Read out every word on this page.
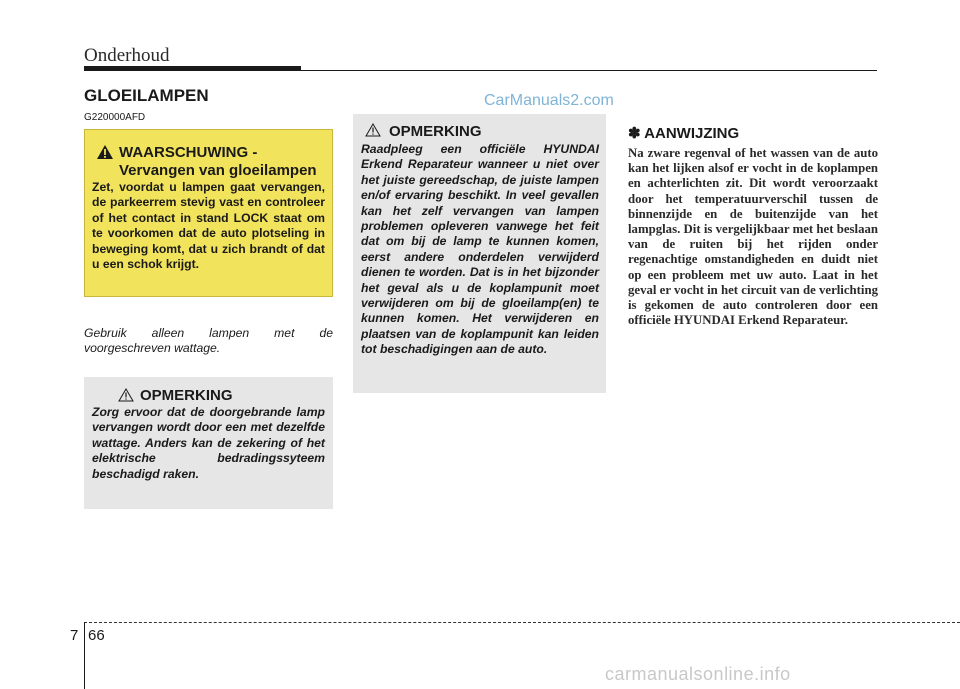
Onderhoud
GLOEILAMPEN
G220000AFD
CarManuals2.com
WAARSCHUWING -
Vervangen van gloeilampen
Zet, voordat u lampen gaat vervangen, de parkeerrem stevig vast en controleer of het contact in stand LOCK staat om te voorkomen dat de auto plotseling in beweging komt, dat u zich brandt of dat u een schok krijgt.
Gebruik alleen lampen met de voorgeschreven wattage.
OPMERKING
Zorg ervoor dat de doorgebrande lamp vervangen wordt door een met dezelfde wattage. Anders kan de zekering of het elektrische bedradingssyteem beschadigd raken.
OPMERKING
Raadpleeg een officiële HYUNDAI Erkend Reparateur wanneer u niet over het juiste gereedschap, de juiste lampen en/of ervaring beschikt. In veel gevallen kan het zelf vervangen van lampen problemen opleveren vanwege het feit dat om bij de lamp te kunnen komen, eerst andere onderdelen verwijderd dienen te worden. Dat is in het bijzonder het geval als u de koplampunit moet verwijderen om bij de gloeilamp(en) te kunnen komen. Het verwijderen en plaatsen van de koplampunit kan leiden tot beschadigingen aan de auto.
✽ AANWIJZING
Na zware regenval of het wassen van de auto kan het lijken alsof er vocht in de koplampen en achterlichten zit. Dit wordt veroorzaakt door het temperatuurverschil tussen de binnenzijde en de buitenzijde van het lampglas. Dit is vergelijkbaar met het beslaan van de ruiten bij het rijden onder regenachtige omstandigheden en duidt niet op een probleem met uw auto. Laat in het geval er vocht in het circuit van de verlichting is gekomen de auto controleren door een officiële HYUNDAI Erkend Reparateur.
7 66
carmanualsonline.info
